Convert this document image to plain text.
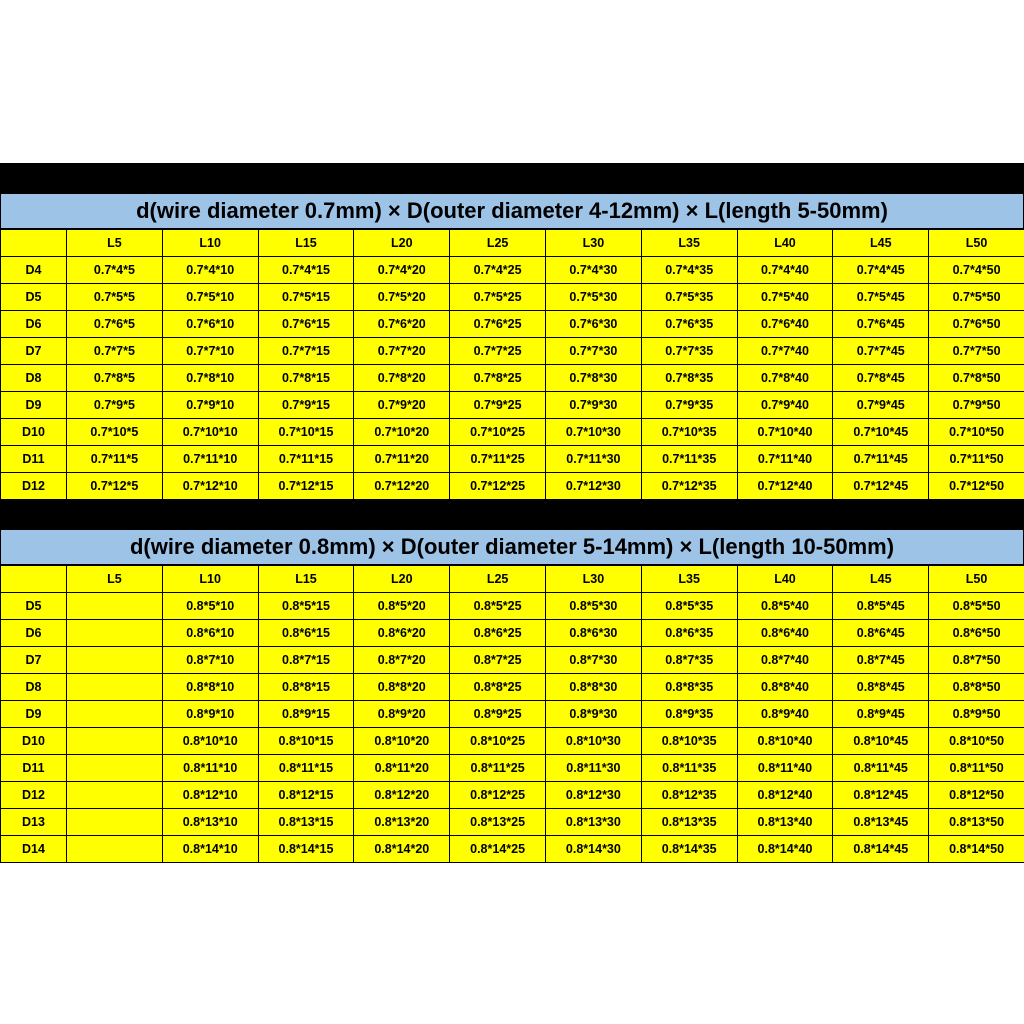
d(wire diameter 0.7mm) × D(outer diameter 4-12mm) × L(length 5-50mm)
	L5	L10	L15	L20	L25	L30	L35	L40	L45	L50
D4	0.7*4*5	0.7*4*10	0.7*4*15	0.7*4*20	0.7*4*25	0.7*4*30	0.7*4*35	0.7*4*40	0.7*4*45	0.7*4*50
D5	0.7*5*5	0.7*5*10	0.7*5*15	0.7*5*20	0.7*5*25	0.7*5*30	0.7*5*35	0.7*5*40	0.7*5*45	0.7*5*50
D6	0.7*6*5	0.7*6*10	0.7*6*15	0.7*6*20	0.7*6*25	0.7*6*30	0.7*6*35	0.7*6*40	0.7*6*45	0.7*6*50
D7	0.7*7*5	0.7*7*10	0.7*7*15	0.7*7*20	0.7*7*25	0.7*7*30	0.7*7*35	0.7*7*40	0.7*7*45	0.7*7*50
D8	0.7*8*5	0.7*8*10	0.7*8*15	0.7*8*20	0.7*8*25	0.7*8*30	0.7*8*35	0.7*8*40	0.7*8*45	0.7*8*50
D9	0.7*9*5	0.7*9*10	0.7*9*15	0.7*9*20	0.7*9*25	0.7*9*30	0.7*9*35	0.7*9*40	0.7*9*45	0.7*9*50
D10	0.7*10*5	0.7*10*10	0.7*10*15	0.7*10*20	0.7*10*25	0.7*10*30	0.7*10*35	0.7*10*40	0.7*10*45	0.7*10*50
D11	0.7*11*5	0.7*11*10	0.7*11*15	0.7*11*20	0.7*11*25	0.7*11*30	0.7*11*35	0.7*11*40	0.7*11*45	0.7*11*50
D12	0.7*12*5	0.7*12*10	0.7*12*15	0.7*12*20	0.7*12*25	0.7*12*30	0.7*12*35	0.7*12*40	0.7*12*45	0.7*12*50
d(wire diameter 0.8mm) × D(outer diameter 5-14mm) × L(length 10-50mm)
	L5	L10	L15	L20	L25	L30	L35	L40	L45	L50
D5		0.8*5*10	0.8*5*15	0.8*5*20	0.8*5*25	0.8*5*30	0.8*5*35	0.8*5*40	0.8*5*45	0.8*5*50
D6		0.8*6*10	0.8*6*15	0.8*6*20	0.8*6*25	0.8*6*30	0.8*6*35	0.8*6*40	0.8*6*45	0.8*6*50
D7		0.8*7*10	0.8*7*15	0.8*7*20	0.8*7*25	0.8*7*30	0.8*7*35	0.8*7*40	0.8*7*45	0.8*7*50
D8		0.8*8*10	0.8*8*15	0.8*8*20	0.8*8*25	0.8*8*30	0.8*8*35	0.8*8*40	0.8*8*45	0.8*8*50
D9		0.8*9*10	0.8*9*15	0.8*9*20	0.8*9*25	0.8*9*30	0.8*9*35	0.8*9*40	0.8*9*45	0.8*9*50
D10		0.8*10*10	0.8*10*15	0.8*10*20	0.8*10*25	0.8*10*30	0.8*10*35	0.8*10*40	0.8*10*45	0.8*10*50
D11		0.8*11*10	0.8*11*15	0.8*11*20	0.8*11*25	0.8*11*30	0.8*11*35	0.8*11*40	0.8*11*45	0.8*11*50
D12		0.8*12*10	0.8*12*15	0.8*12*20	0.8*12*25	0.8*12*30	0.8*12*35	0.8*12*40	0.8*12*45	0.8*12*50
D13		0.8*13*10	0.8*13*15	0.8*13*20	0.8*13*25	0.8*13*30	0.8*13*35	0.8*13*40	0.8*13*45	0.8*13*50
D14		0.8*14*10	0.8*14*15	0.8*14*20	0.8*14*25	0.8*14*30	0.8*14*35	0.8*14*40	0.8*14*45	0.8*14*50
